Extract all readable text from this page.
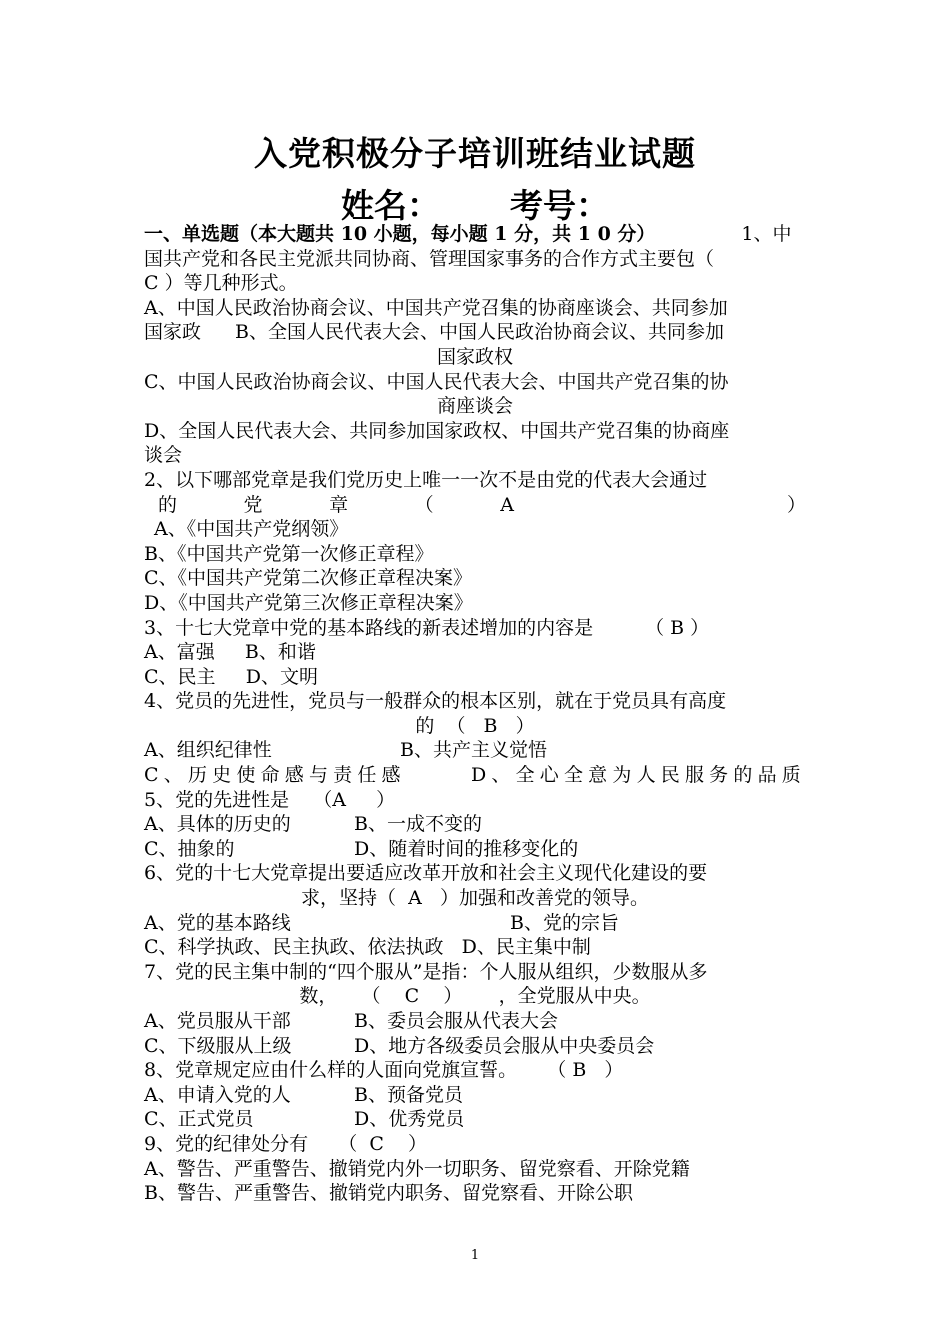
入党积极分子培训班结业试题
姓名： 考号：
一、单选题（本大题共 10 小题，每小题 1 分，共 1 0 分）	1、中
国共产党和各民主党派共同协商、管理国家事务的合作方式主要包（
C ）等几种形式。
A、中国人民政治协商会议、中国共产党召集的协商座谈会、共同参加
国家政 B、全国人民代表大会、中国人民政治协商会议、共同参加
国家政权
C、中国人民政治协商会议、中国人民代表大会、中国共产党召集的协
商座谈会
D、全国人民代表大会、共同参加国家政权、中国共产党召集的协商座
谈会
2、以下哪部党章是我们党历史上唯一一次不是由党的代表大会通过
的	党	章	（	A	）
A、《中国共产党纲领》
B、《中国共产党第一次修正章程》
C、《中国共产党第二次修正章程决案》
D、《中国共产党第三次修正章程决案》
3、十七大党章中党的基本路线的新表述增加的内容是	（ B ）
A、富强     B、和谐
C、民主     D、文明
4、党员的先进性，党员与一般群众的根本区别，就在于党员具有高度
的  （   B   ）
A、组织纪律性	B、共产主义觉悟
C、历史使命感与责任感	D、全心全意为人民服务的品质
5、党的先进性是    （A     ）
A、具体的历史的	B、一成不变的
C、抽象的	D、随着时间的推移变化的
6、党的十七大党章提出要适应改革开放和社会主义现代化建设的要
求，坚持（  A   ）加强和改善党的领导。
A、党的基本路线	B、党的宗旨
C、科学执政、民主执政、依法执政   D、民主集中制
7、党的民主集中制的“四个服从”是指：个人服从组织，少数服从多
数，    （    C    ）      ，全党服从中央。
A、党员服从干部	B、委员会服从代表大会
C、下级服从上级	D、地方各级委员会服从中央委员会
8、党章规定应由什么样的人面向党旗宣誓。     （ B   ）
A、申请入党的人	B、预备党员
C、正式党员	D、优秀党员
9、党的纪律处分有     （  C    ）
A、警告、严重警告、撤销党内外一切职务、留党察看、开除党籍
B、警告、严重警告、撤销党内职务、留党察看、开除公职
1
